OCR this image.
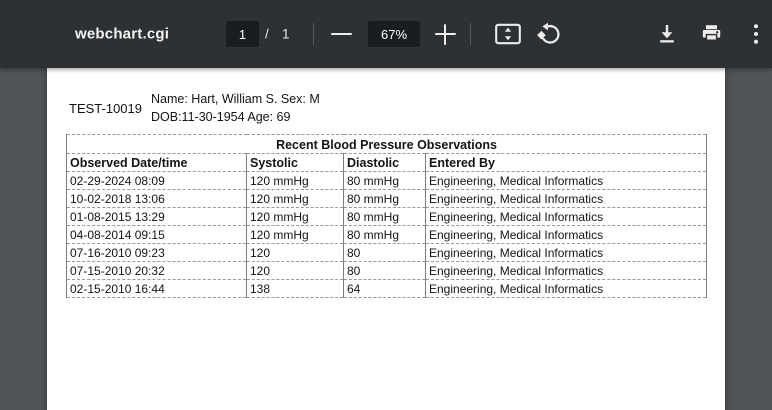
webchart.cgi
1	/ 1	67%
TEST-10019
Name: Hart, William S. Sex: M
DOB:11-30-1954 Age: 69
Recent Blood Pressure Observations			
Observed Date/time	Systolic	Diastolic	Entered By
02-29-2024 08:09	120 mmHg	80 mmHg	Engineering, Medical Informatics
10-02-2018 13:06	120 mmHg	80 mmHg	Engineering, Medical Informatics
01-08-2015 13:29	120 mmHg	80 mmHg	Engineering, Medical Informatics
04-08-2014 09:15	120 mmHg	80 mmHg	Engineering, Medical Informatics
07-16-2010 09:23	120	80	Engineering, Medical Informatics
07-15-2010 20:32	120	80	Engineering, Medical Informatics
02-15-2010 16:44	138	64	Engineering, Medical Informatics
